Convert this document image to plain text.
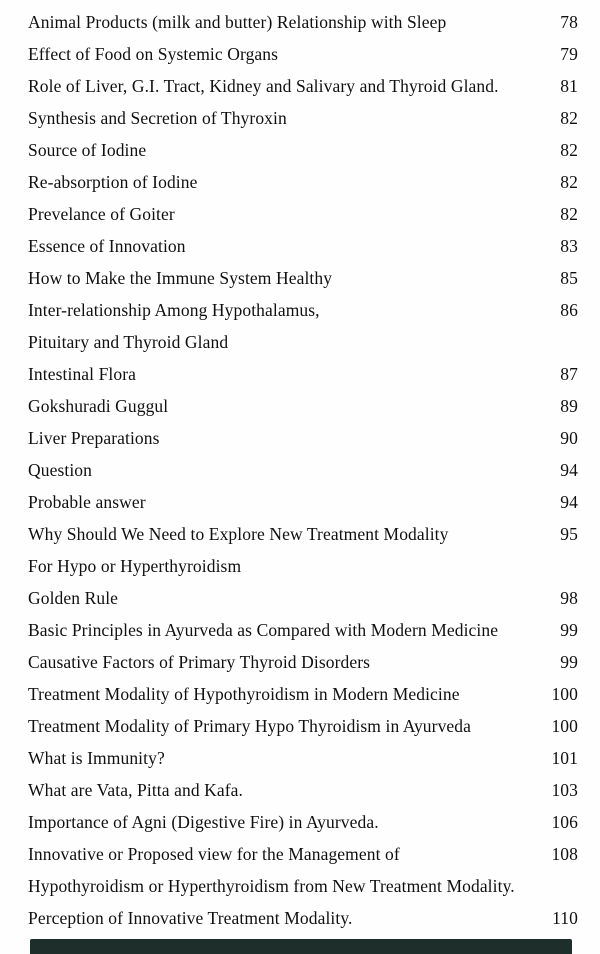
Animal Products (milk and butter) Relationship with Sleep	78
Effect of Food on Systemic Organs	79
Role of Liver, G.I. Tract, Kidney and Salivary and Thyroid Gland.	81
Synthesis and Secretion of Thyroxin	82
Source of Iodine	82
Re-absorption of Iodine	82
Prevelance of Goiter	82
Essence of Innovation	83
How to Make the Immune System Healthy	85
Inter-relationship Among Hypothalamus,	86
Pituitary and Thyroid Gland
Intestinal Flora	87
Gokshuradi Guggul	89
Liver Preparations	90
Question	94
Probable answer	94
Why Should We Need to Explore New Treatment Modality	95
For Hypo or Hyperthyroidism
Golden Rule	98
Basic Principles in Ayurveda as Compared with Modern Medicine	99
Causative Factors of Primary Thyroid Disorders	99
Treatment Modality of Hypothyroidism in Modern Medicine	100
Treatment Modality of Primary Hypo Thyroidism in Ayurveda	100
What is Immunity?	101
What are Vata, Pitta and Kafa.	103
Importance of Agni (Digestive Fire) in Ayurveda.	106
Innovative or Proposed view for the Management of	108
Hypothyroidism or Hyperthyroidism from New Treatment Modality.
Perception of Innovative Treatment Modality.	110
